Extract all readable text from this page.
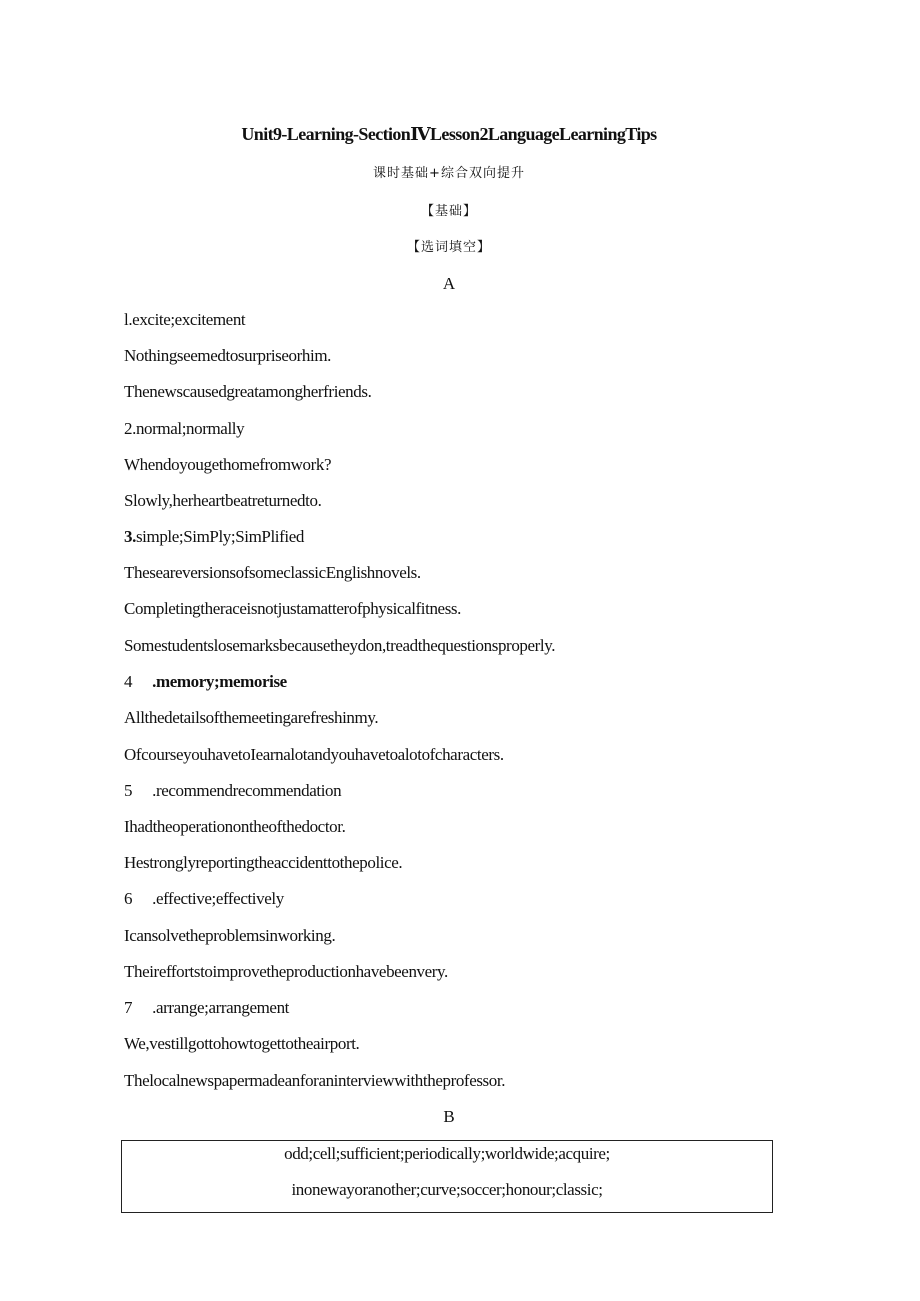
Unit9-Learning-SectionⅣLesson2LanguageLearningTips
课时基础+综合双向提升
【基础】
【选词填空】
A
l.excite;excitement
Nothingseemedtosurpriseorhim.
Thenewscausedgreatamongherfriends.
2.normal;normally
Whendoyougethomefromwork?
Slowly,herheartbeatreturnedto.
3.simple;SimPly;SimPlified
TheseareversionsofsomeclassicEnglishnovels.
Completingtheraceisnotjustamatterofphysicalfitness.
Somestudentslosemarksbecausetheydon,treadthequestionsproperly.
4 .memory;memorise
Allthedetailsofthemeetingarefreshinmy.
OfcourseyouhavetoIearnalotandyouhavetoalotofcharacters.
5 .recommendrecommendation
Ihadtheoperationontheofthedoctor.
Hestronglyreportingtheaccidenttothepolice.
6 .effective;effectively
Icansolvetheproblemsinworking.
Theireffortstoimprovetheproductionhavebeenvery.
7 .arrange;arrangement
We,vestillgottohowtogettotheairport.
Thelocalnewspapermadeanforaninterviewwiththeprofessor.
B
odd;cell;sufficient;periodically;worldwide;acquire;
inonewayoranother;curve;soccer;honour;classic;
